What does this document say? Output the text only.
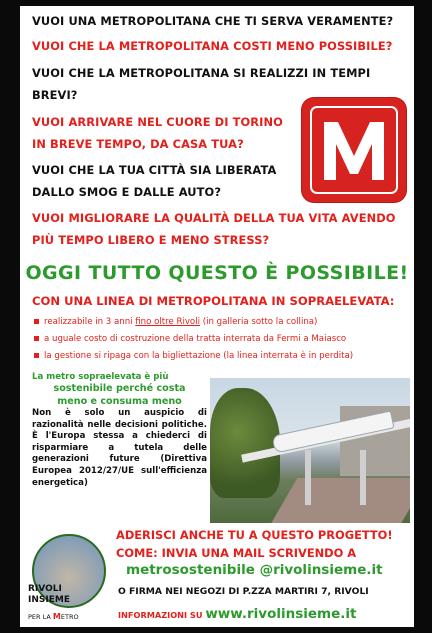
VUOI UNA METROPOLITANA CHE TI SERVA VERAMENTE?
VUOI CHE LA METROPOLITANA COSTI MENO POSSIBILE?
VUOI CHE LA METROPOLITANA SI REALIZZI IN TEMPI
BREVI?
VUOI ARRIVARE NEL CUORE DI TORINO
IN BREVE TEMPO, DA CASA TUA?
VUOI CHE LA TUA CITTÀ SIA LIBERATA
DALLO SMOG E DALLE AUTO?
VUOI MIGLIORARE LA QUALITÀ DELLA TUA VITA AVENDO
PIÙ TEMPO LIBERO E MENO STRESS?
OGGI TUTTO QUESTO È POSSIBILE!
CON UNA LINEA DI METROPOLITANA IN SOPRAELEVATA:
realizzabile in 3 anni fino oltre Rivoli (in galleria sotto la collina)
a uguale costo di costruzione della tratta interrata da Fermi a Maiasco
la gestione si ripaga con la bigliettazione (la linea interrata è in perdita)
La metro sopraelevata è più
sostenibile perché costa
meno e consuma meno
Non è solo un auspicio di razionalità nelle decisioni politiche. È l'Europa stessa a chiederci di risparmiare a tutela delle generazioni future (Direttiva Europea 2012/27/UE sull'efficienza energetica)
RIVOLI
INSIEME
PER LA METRO
ADERISCI ANCHE TU A QUESTO PROGETTO!
COME: INVIA UNA MAIL SCRIVENDO A
metrosostenibile @rivolinsieme.it
O FIRMA NEI NEGOZI DI P.ZZA MARTIRI 7, RIVOLI
INFORMAZIONI SU www.rivolinsieme.it
